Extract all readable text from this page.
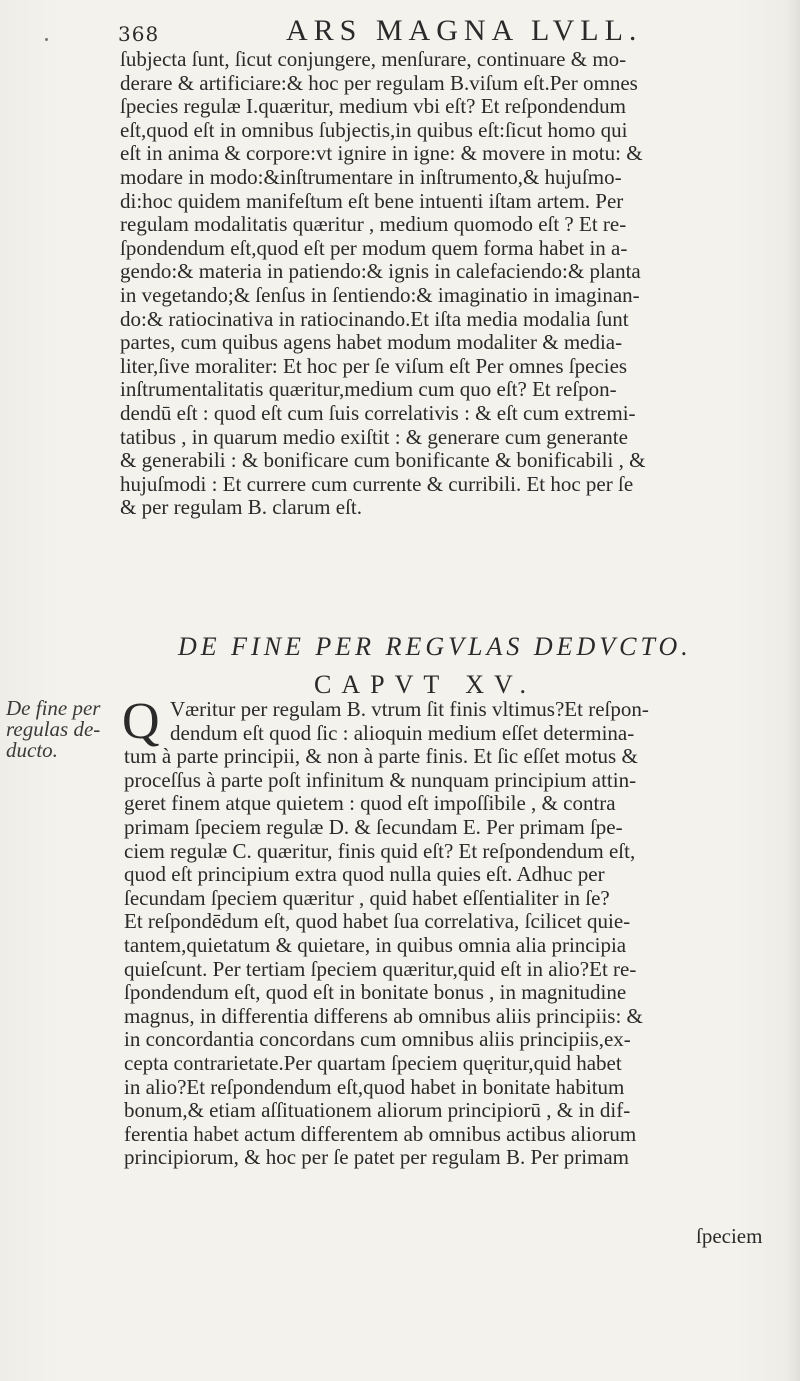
368	ARS MAGNA LVLL.
ſubjecta ſunt, ſicut conjungere, menſurare, continuare & mo-
derare & artificiare:& hoc per regulam B.viſum eſt.Per omnes
ſpecies regulæ I.quæritur, medium vbi eſt? Et reſpondendum
eſt,quod eſt in omnibus ſubjectis,in quibus eſt:ſicut homo qui
eſt in anima & corpore:vt ignire in igne: & movere in motu: &
modare in modo:&inſtrumentare in inſtrumento,& hujuſmo-
di:hoc quidem manifeſtum eſt bene intuenti iſtam artem. Per
regulam modalitatis quæritur , medium quomodo eſt ? Et re-
ſpondendum eſt,quod eſt per modum quem forma habet in a-
gendo:& materia in patiendo:& ignis in calefaciendo:& planta
in vegetando;& ſenſus in ſentiendo:& imaginatio in imaginan-
do:& ratiocinativa in ratiocinando.Et iſta media modalia ſunt
partes, cum quibus agens habet modum modaliter & media-
liter,ſive moraliter: Et hoc per ſe viſum eſt Per omnes ſpecies
inſtrumentalitatis quæritur,medium cum quo eſt? Et reſpon-
dendū eſt : quod eſt cum ſuis correlativis : & eſt cum extremi-
tatibus , in quarum medio exiſtit : & generare cum generante
& generabili : & bonificare cum bonificante & bonificabili , &
hujuſmodi : Et currere cum currente & curribili. Et hoc per ſe
& per regulam B. clarum eſt.
DE FINE PER REGVLAS DEDVCTO.
CAPVT XV.
De fine per
regulas de-
ducto.	Q Væritur per regulam B. vtrum ſit finis vltimus?Et reſpon-
dendum eſt quod ſic : alioquin medium eſſet determina-
tum à parte principii, & non à parte finis. Et ſic eſſet motus &
proceſſus à parte poſt infinitum & nunquam principium attin-
geret finem atque quietem : quod eſt impoſſibile , & contra
primam ſpeciem regulæ D. & ſecundam E. Per primam ſpe-
ciem regulæ C. quæritur, finis quid eſt? Et reſpondendum eſt,
quod eſt principium extra quod nulla quies eſt. Adhuc per
ſecundam ſpeciem quæritur , quid habet eſſentialiter in ſe?
Et reſpondēdum eſt, quod habet ſua correlativa, ſcilicet quie-
tantem,quietatum & quietare, in quibus omnia alia principia
quieſcunt. Per tertiam ſpeciem quæritur,quid eſt in alio?Et re-
ſpondendum eſt, quod eſt in bonitate bonus , in magnitudine
magnus, in differentia differens ab omnibus aliis principiis: &
in concordantia concordans cum omnibus aliis principiis,ex-
cepta contrarietate.Per quartam ſpeciem quęritur,quid habet
in alio?Et reſpondendum eſt,quod habet in bonitate habitum
bonum,& etiam aſſituationem aliorum principiorū , & in dif-
ferentia habet actum differentem ab omnibus actibus aliorum
principiorum, & hoc per ſe patet per regulam B. Per primam
ſpeciem
